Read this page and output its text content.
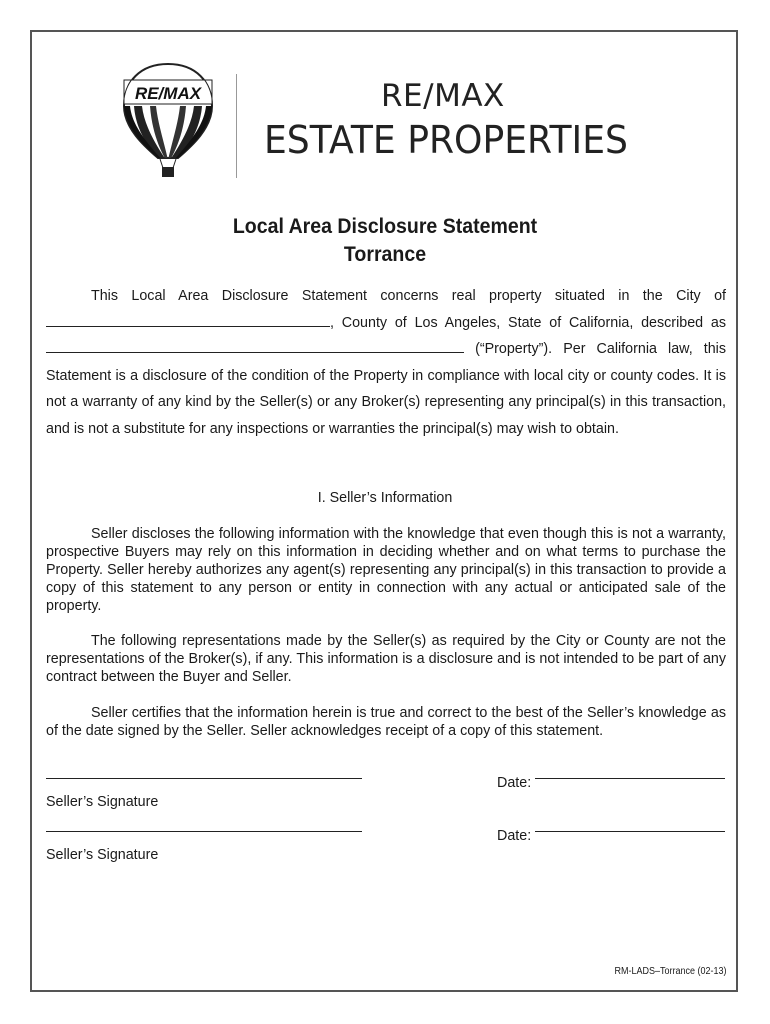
RE/MAX	RE/MAX
ESTATE PROPERTIES
Local Area Disclosure Statement
Torrance
This Local Area Disclosure Statement concerns real property situated in the City of , County of Los Angeles, State of California, described as  (“Property”). Per California law, this Statement is a disclosure of the condition of the Property in compliance with local city or county codes. It is not a warranty of any kind by the Seller(s) or any Broker(s) representing any principal(s) in this transaction, and is not a substitute for any inspections or warranties the principal(s) may wish to obtain.
I. Seller’s Information
Seller discloses the following information with the knowledge that even though this is not a warranty, prospective Buyers may rely on this information in deciding whether and on what terms to purchase the Property. Seller hereby authorizes any agent(s) representing any principal(s) in this transaction to provide a copy of this statement to any person or entity in connection with any actual or anticipated sale of the property.
The following representations made by the Seller(s) as required by the City or County are not the representations of the Broker(s), if any. This information is a disclosure and is not intended to be part of any contract between the Buyer and Seller.
Seller certifies that the information herein is true and correct to the best of the Seller’s knowledge as of the date signed by the Seller. Seller acknowledges receipt of a copy of this statement.
Seller’s Signature
Date:
Seller’s Signature
Date:
RM-LADS–Torrance (02-13)
